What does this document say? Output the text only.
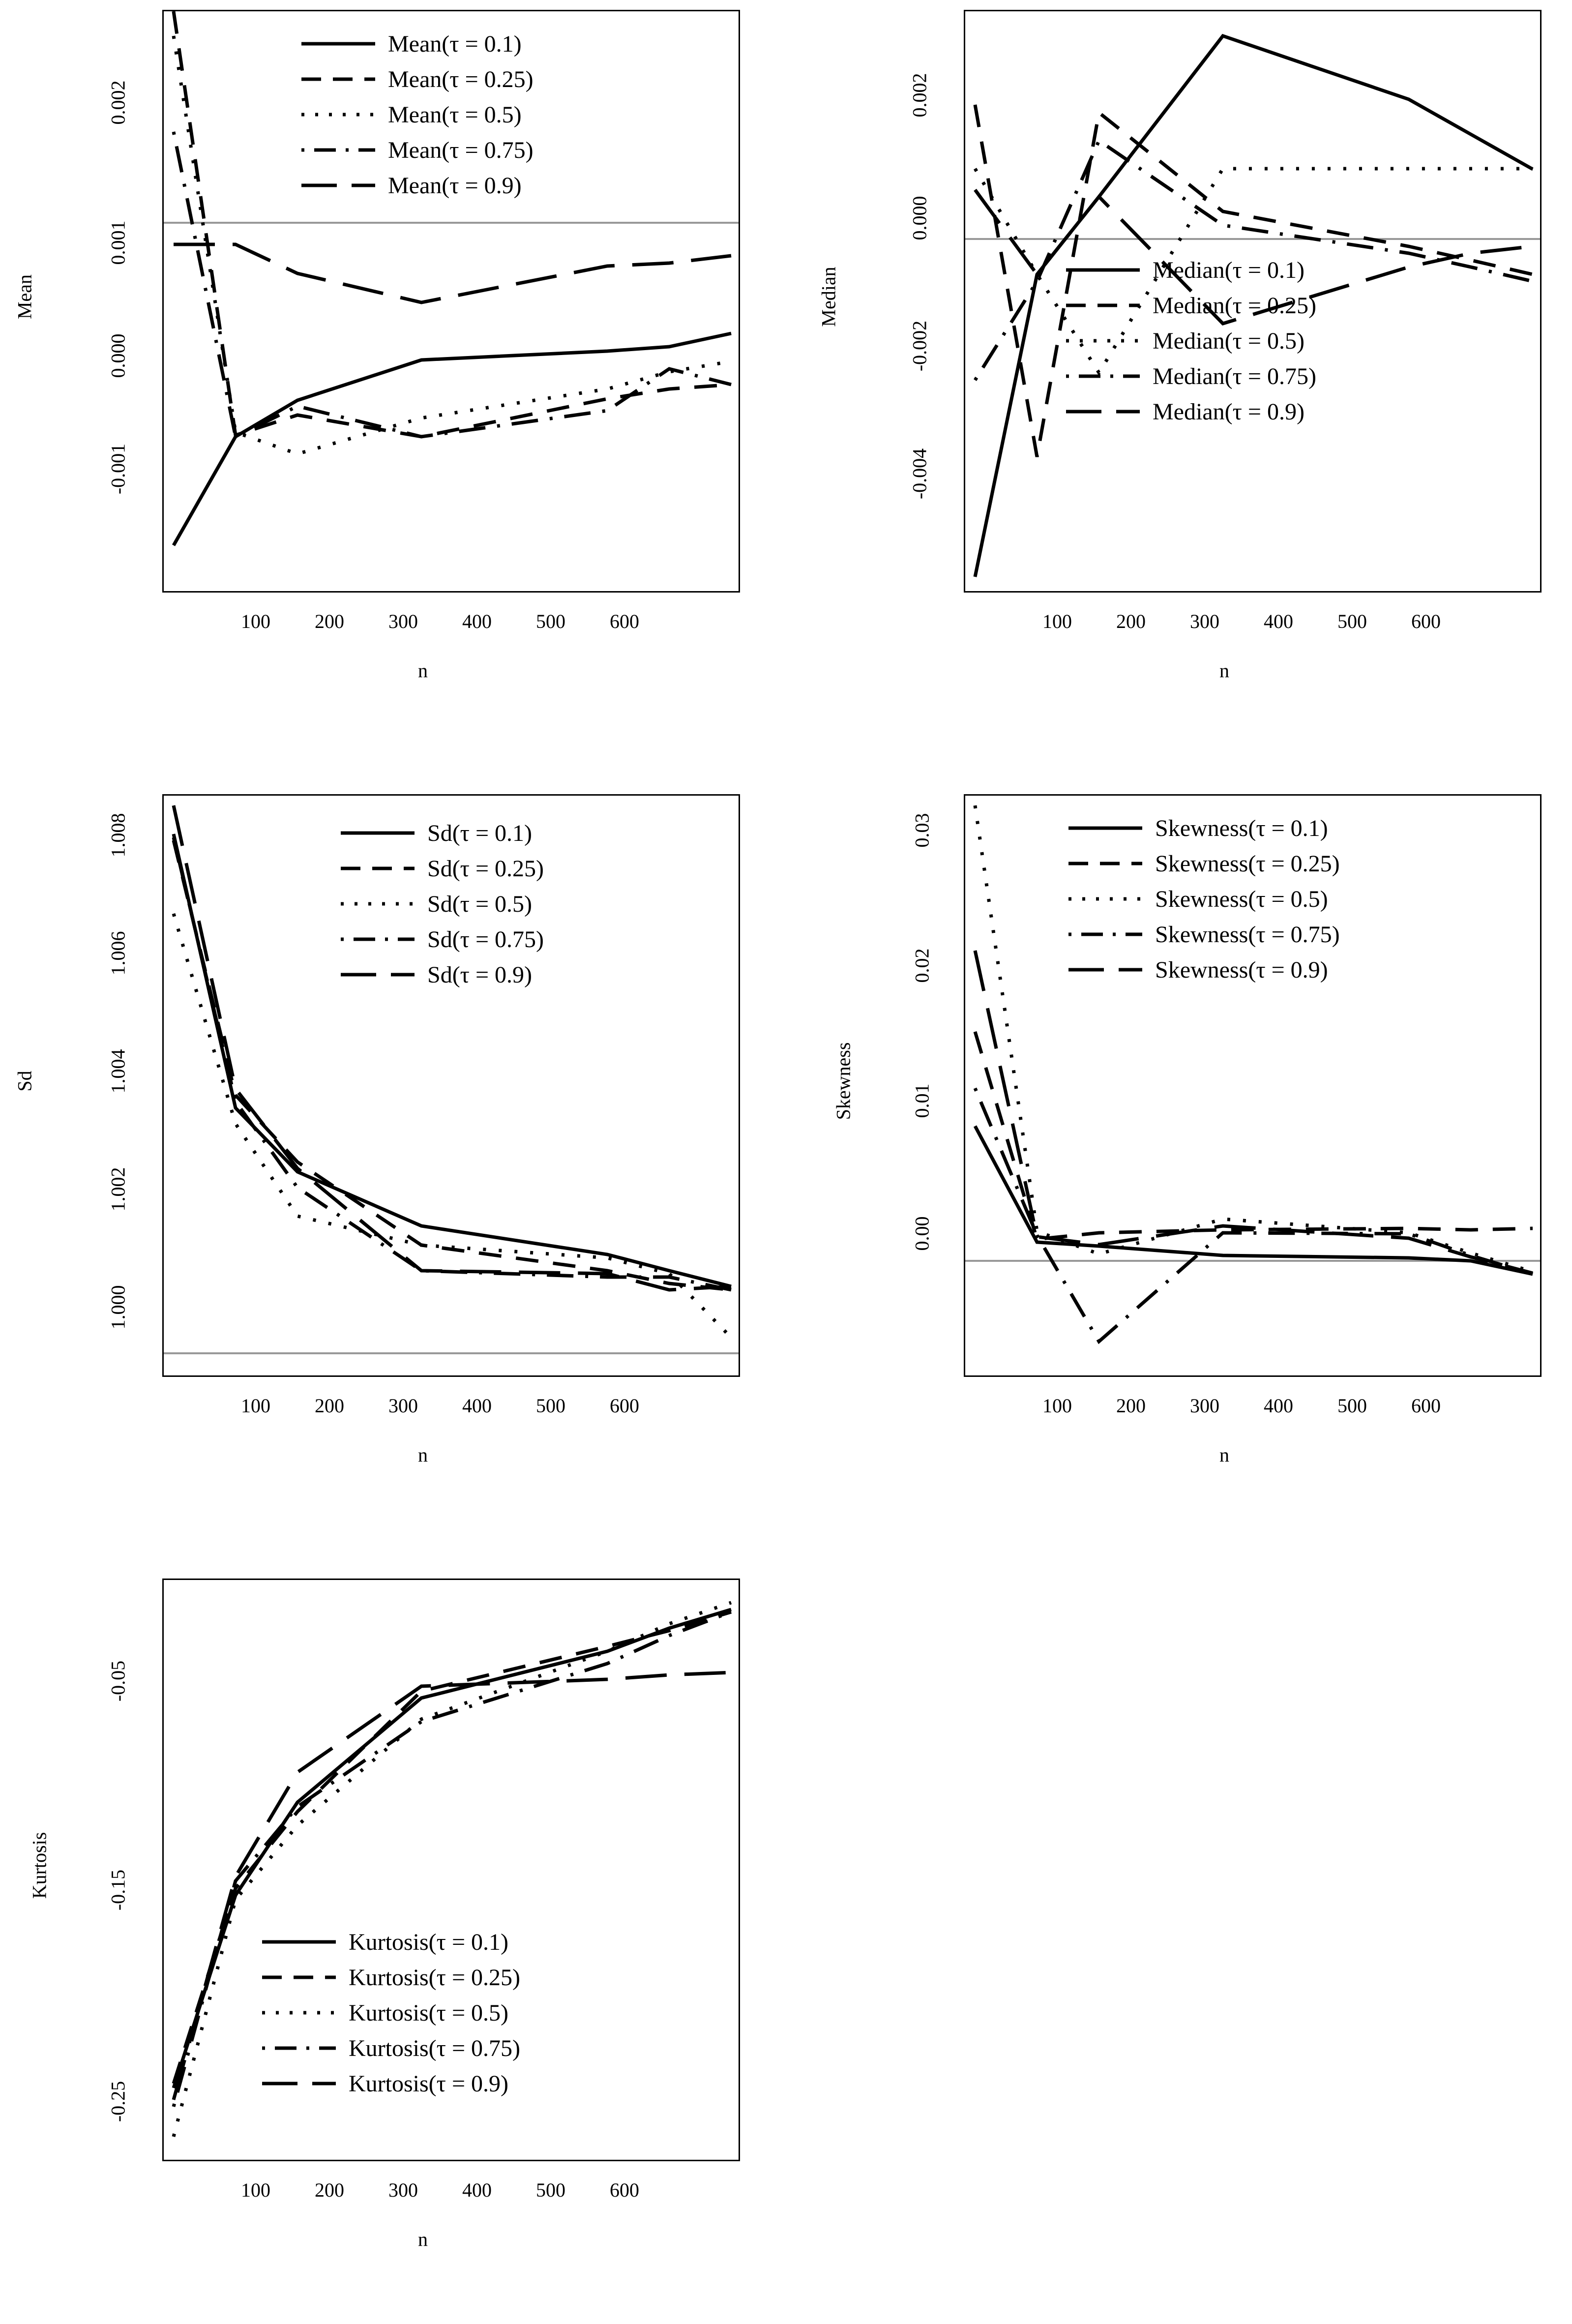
Mean
-0.001
0.000
0.001
0.002
Mean(τ = 0.1)
Mean(τ = 0.25)
Mean(τ = 0.5)
Mean(τ = 0.75)
Mean(τ = 0.9)
100	200	300	400	500	600
n
Median
-0.004
-0.002
0.000
0.002
Median(τ = 0.1)
Median(τ = 0.25)
Median(τ = 0.5)
Median(τ = 0.75)
Median(τ = 0.9)
100	200	300	400	500	600
n
Sd
1.000
1.002
1.004
1.006
1.008	Sd(τ = 0.1)
Sd(τ = 0.25)
Sd(τ = 0.5)
Sd(τ = 0.75)
Sd(τ = 0.9)
100	200	300	400	500	600
n
Skewness
0.00
0.01
0.02
0.03	Skewness(τ = 0.1)
Skewness(τ = 0.25)
Skewness(τ = 0.5)
Skewness(τ = 0.75)
Skewness(τ = 0.9)
100	200	300	400	500	600
n
Kurtosis
-0.25
-0.15
-0.05
Kurtosis(τ = 0.1)
Kurtosis(τ = 0.25)
Kurtosis(τ = 0.5)
Kurtosis(τ = 0.75)
Kurtosis(τ = 0.9)
100	200	300	400	500	600
n
